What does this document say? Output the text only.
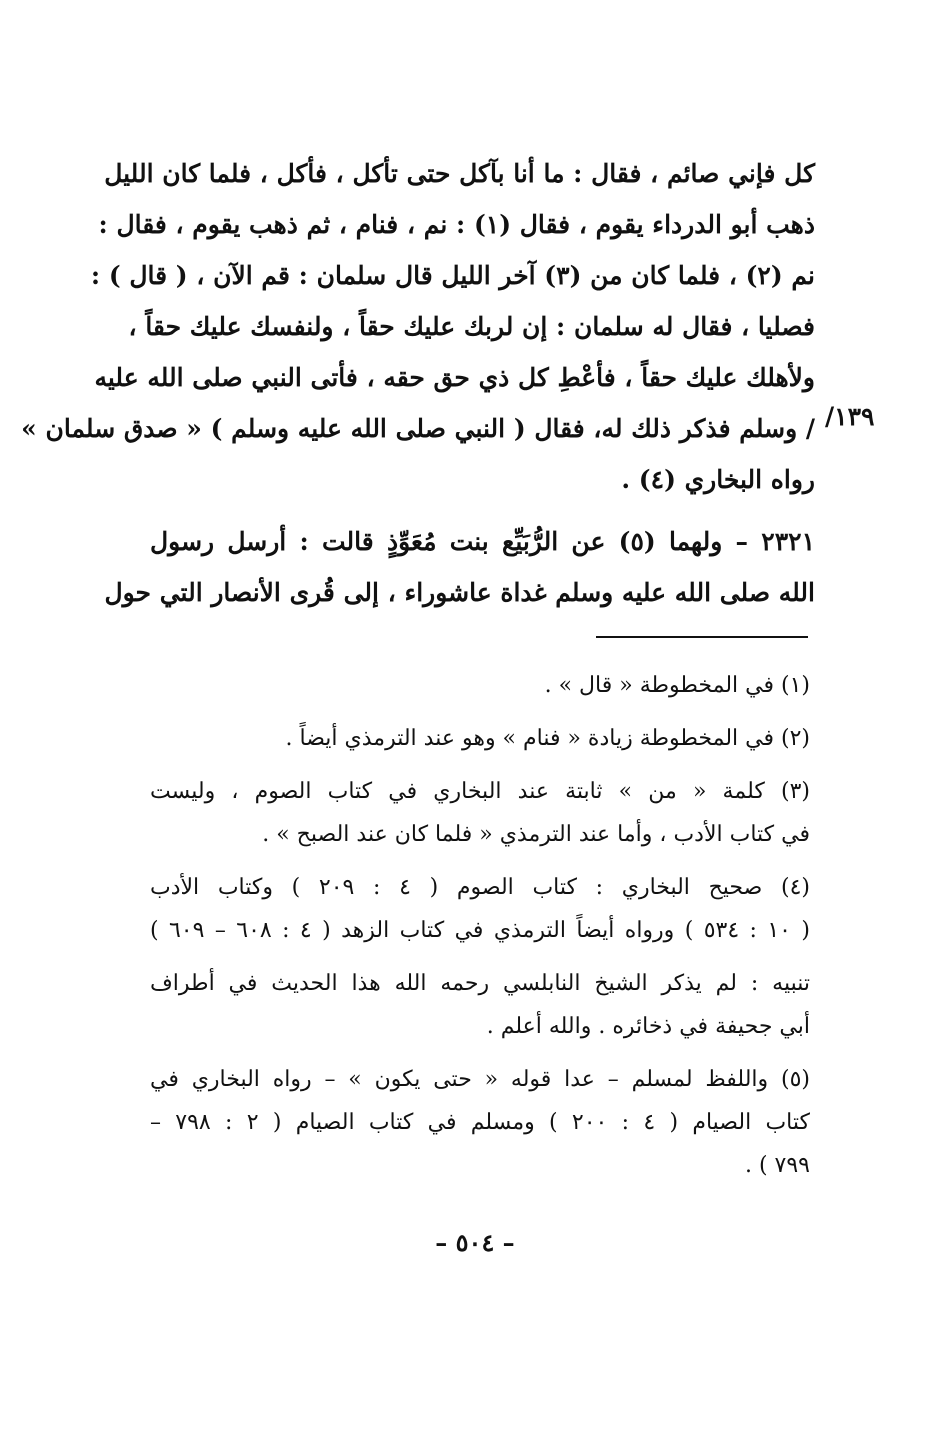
كل فإني صائم ، فقال : ما أنا بآكل حتى تأكل ، فأكل ، فلما كان الليل
ذهب أبو الدرداء يقوم ، فقال (١) : نم ، فنام ، ثم ذهب يقوم ، فقال :
نم (٢) ، فلما كان من (٣) آخر الليل قال سلمان : قم الآن ، ( قال ) :
فصليا ، فقال له سلمان : إن لربك عليك حقاً ، ولنفسك عليك حقاً ،
ولأهلك عليك حقاً ، فأعْطِ كل ذي حق حقه ، فأتى النبي صلى الله عليه
/ وسلم فذكر ذلك له، فقال ( النبي صلى الله عليه وسلم ) « صدق سلمان »
رواه البخاري (٤) .
١٣٩/
٢٣٢١ – ولهما (٥) عن الرُّبَيِّع بنت مُعَوِّذٍ قالت : أرسل رسول
الله صلى الله عليه وسلم غداة عاشوراء ، إلى قُرى الأنصار التي حول
(١) في المخطوطة « قال » .
(٢) في المخطوطة زيادة « فنام » وهو عند الترمذي أيضاً .
(٣) كلمة « من » ثابتة عند البخاري في كتاب الصوم ، وليست
في كتاب الأدب ، وأما عند الترمذي « فلما كان عند الصبح » .
(٤) صحيح البخاري : كتاب الصوم ( ٤ : ٢٠٩ ) وكتاب الأدب
( ١٠ : ٥٣٤ ) ورواه أيضاً الترمذي في كتاب الزهد ( ٤ : ٦٠٨ – ٦٠٩ )
تنبيه : لم يذكر الشيخ النابلسي رحمه الله هذا الحديث في أطراف
أبي جحيفة في ذخائره . والله أعلم .
(٥) واللفظ لمسلم – عدا قوله « حتى يكون » – رواه البخاري في
كتاب الصيام ( ٤ : ٢٠٠ ) ومسلم في كتاب الصيام ( ٢ : ٧٩٨ –
٧٩٩ ) .
– ٥٠٤ –
